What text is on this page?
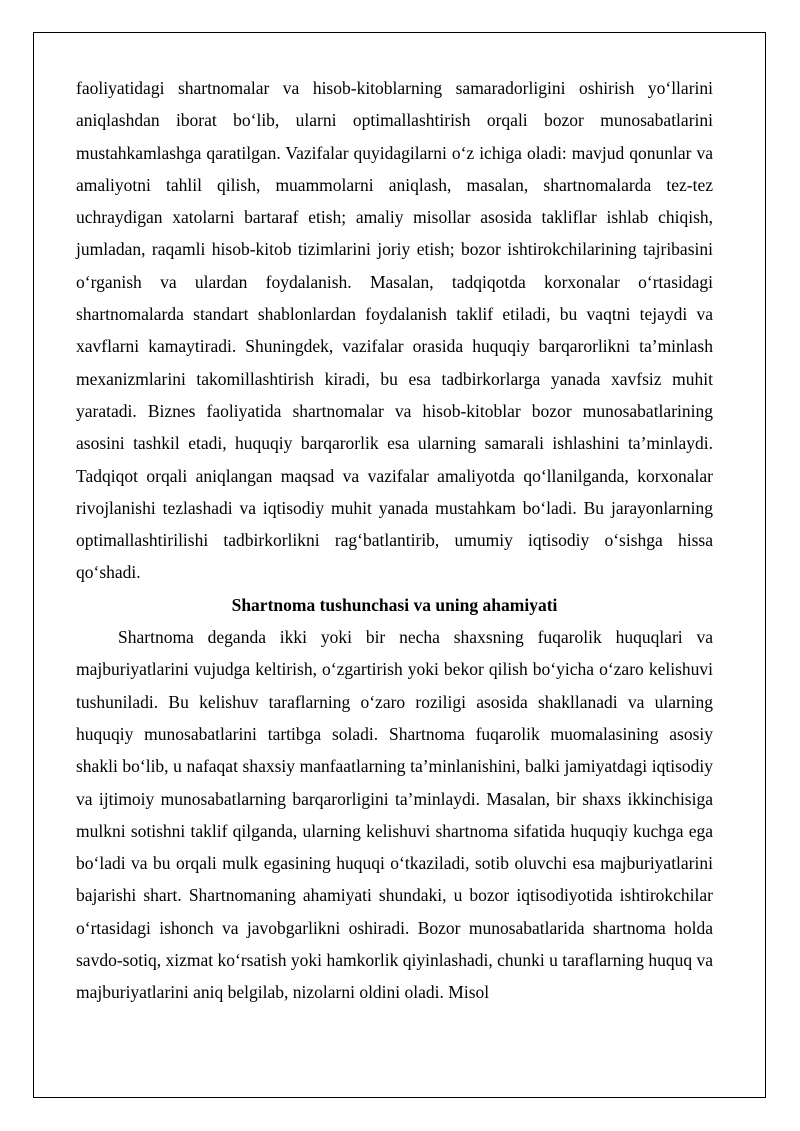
faoliyatidagi shartnomalar va hisob-kitoblarning samaradorligini oshirish yo‘llarini aniqlashdan iborat bo‘lib, ularni optimallashtirish orqali bozor munosabatlarini mustahkamlashga qaratilgan. Vazifalar quyidagilarni o‘z ichiga oladi: mavjud qonunlar va amaliyotni tahlil qilish, muammolarni aniqlash, masalan, shartnomalarda tez-tez uchraydigan xatolarni bartaraf etish; amaliy misollar asosida takliflar ishlab chiqish, jumladan, raqamli hisob-kitob tizimlarini joriy etish; bozor ishtirokchilarining tajribasini o‘rganish va ulardan foydalanish. Masalan, tadqiqotda korxonalar o‘rtasidagi shartnomalarda standart shablonlardan foydalanish taklif etiladi, bu vaqtni tejaydi va xavflarni kamaytiradi. Shuningdek, vazifalar orasida huquqiy barqarorlikni ta’minlash mexanizmlarini takomillashtirish kiradi, bu esa tadbirkorlarga yanada xavfsiz muhit yaratadi. Biznes faoliyatida shartnomalar va hisob-kitoblar bozor munosabatlarining asosini tashkil etadi, huquqiy barqarorlik esa ularning samarali ishlashini ta’minlaydi. Tadqiqot orqali aniqlangan maqsad va vazifalar amaliyotda qo‘llanilganda, korxonalar rivojlanishi tezlashadi va iqtisodiy muhit yanada mustahkam bo‘ladi. Bu jarayonlarning optimallashtirilishi tadbirkorlikni rag‘batlantirib, umumiy iqtisodiy o‘sishga hissa qo‘shadi.

Shartnoma tushunchasi va uning ahamiyati

Shartnoma deganda ikki yoki bir necha shaxsning fuqarolik huquqlari va majburiyatlarini vujudga keltirish, o‘zgartirish yoki bekor qilish bo‘yicha o‘zaro kelishuvi tushuniladi. Bu kelishuv taraflarning o‘zaro roziligi asosida shakllanadi va ularning huquqiy munosabatlarini tartibga soladi. Shartnoma fuqarolik muomalasining asosiy shakli bo‘lib, u nafaqat shaxsiy manfaatlarning ta’minlanishini, balki jamiyatdagi iqtisodiy va ijtimoiy munosabatlarning barqarorligini ta’minlaydi. Masalan, bir shaxs ikkinchisiga mulkni sotishni taklif qilganda, ularning kelishuvi shartnoma sifatida huquqiy kuchga ega bo‘ladi va bu orqali mulk egasining huquqi o‘tkaziladi, sotib oluvchi esa majburiyatlarini bajarishi shart. Shartnomaning ahamiyati shundaki, u bozor iqtisodiyotida ishtirokchilar o‘rtasidagi ishonch va javobgarlikni oshiradi. Bozor munosabatlarida shartnoma holda savdo-sotiq, xizmat ko‘rsatish yoki hamkorlik qiyinlashadi, chunki u taraflarning huquq va majburiyatlarini aniq belgilab, nizolarni oldini oladi. Misol
